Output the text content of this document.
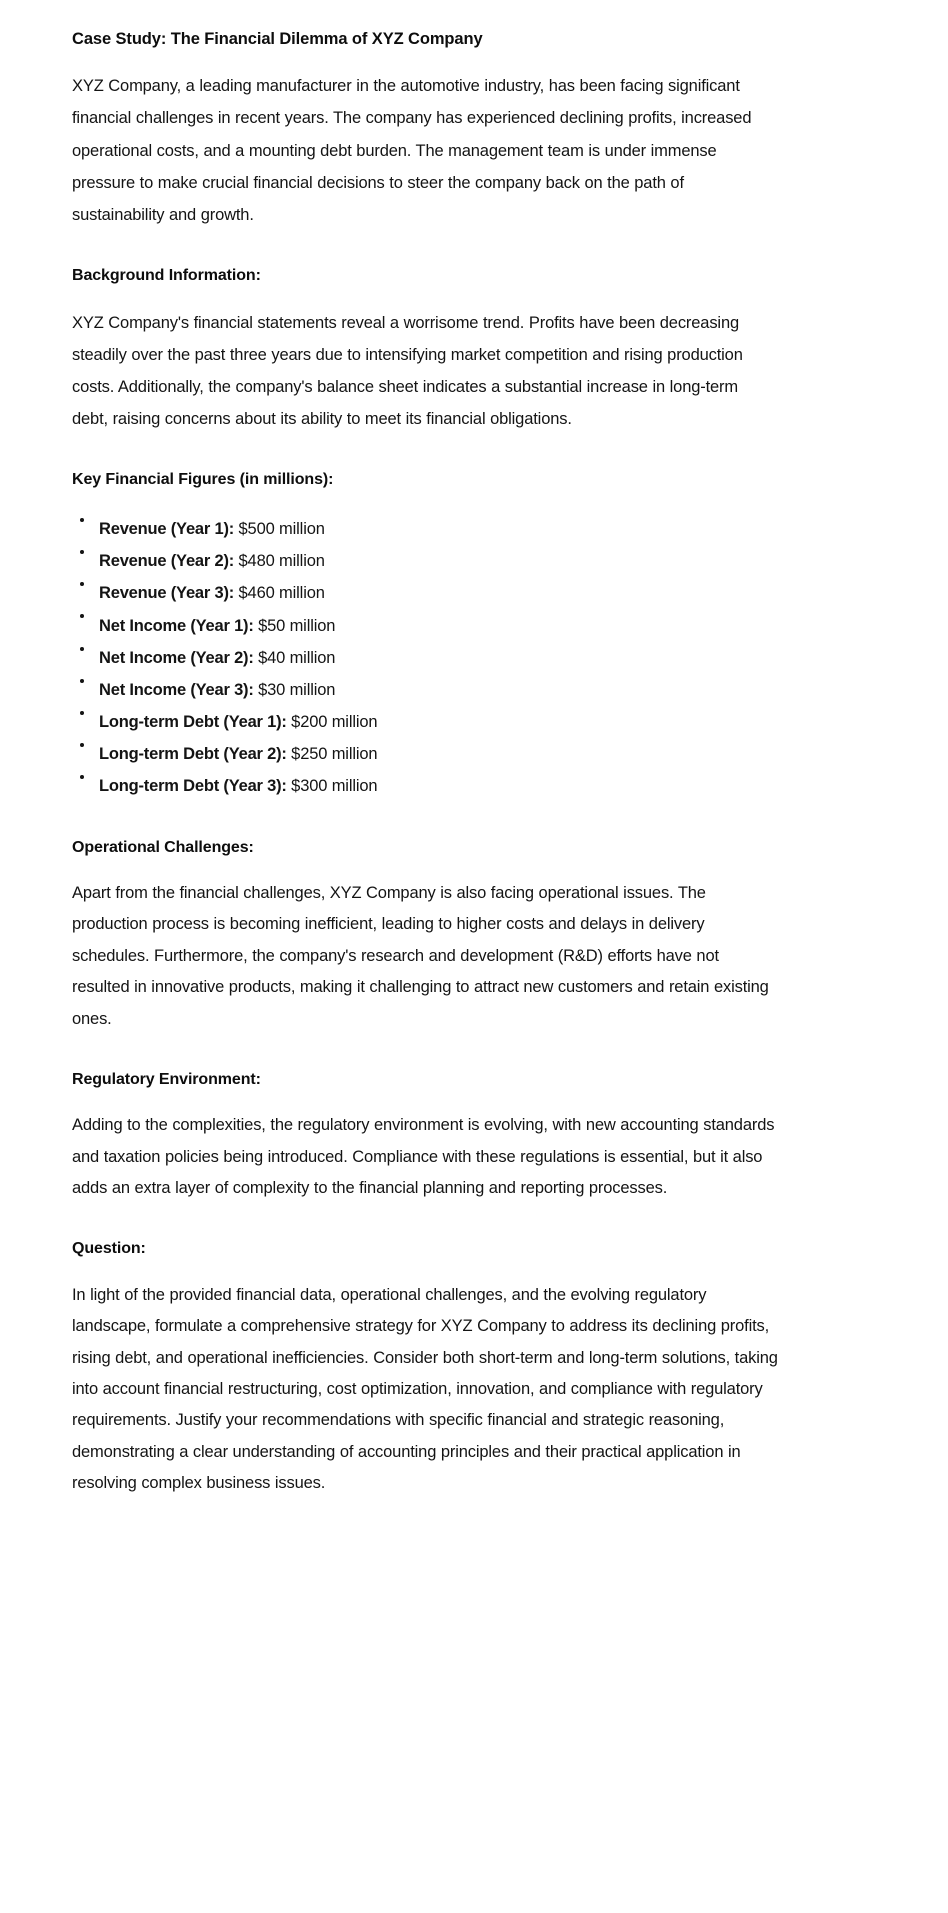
Case Study: The Financial Dilemma of XYZ Company

XYZ Company, a leading manufacturer in the automotive industry, has been facing significant financial challenges in recent years. The company has experienced declining profits, increased operational costs, and a mounting debt burden. The management team is under immense pressure to make crucial financial decisions to steer the company back on the path of sustainability and growth.

Background Information:

XYZ Company's financial statements reveal a worrisome trend. Profits have been decreasing steadily over the past three years due to intensifying market competition and rising production costs. Additionally, the company's balance sheet indicates a substantial increase in long-term debt, raising concerns about its ability to meet its financial obligations.

Key Financial Figures (in millions):
Revenue (Year 1): $500 million
Revenue (Year 2): $480 million
Revenue (Year 3): $460 million
Net Income (Year 1): $50 million
Net Income (Year 2): $40 million
Net Income (Year 3): $30 million
Long-term Debt (Year 1): $200 million
Long-term Debt (Year 2): $250 million
Long-term Debt (Year 3): $300 million
Operational Challenges:

Apart from the financial challenges, XYZ Company is also facing operational issues. The production process is becoming inefficient, leading to higher costs and delays in delivery schedules. Furthermore, the company's research and development (R&D) efforts have not resulted in innovative products, making it challenging to attract new customers and retain existing ones.

Regulatory Environment:

Adding to the complexities, the regulatory environment is evolving, with new accounting standards and taxation policies being introduced. Compliance with these regulations is essential, but it also adds an extra layer of complexity to the financial planning and reporting processes.

Question:

In light of the provided financial data, operational challenges, and the evolving regulatory landscape, formulate a comprehensive strategy for XYZ Company to address its declining profits, rising debt, and operational inefficiencies. Consider both short-term and long-term solutions, taking into account financial restructuring, cost optimization, innovation, and compliance with regulatory requirements. Justify your recommendations with specific financial and strategic reasoning, demonstrating a clear understanding of accounting principles and their practical application in resolving complex business issues.
